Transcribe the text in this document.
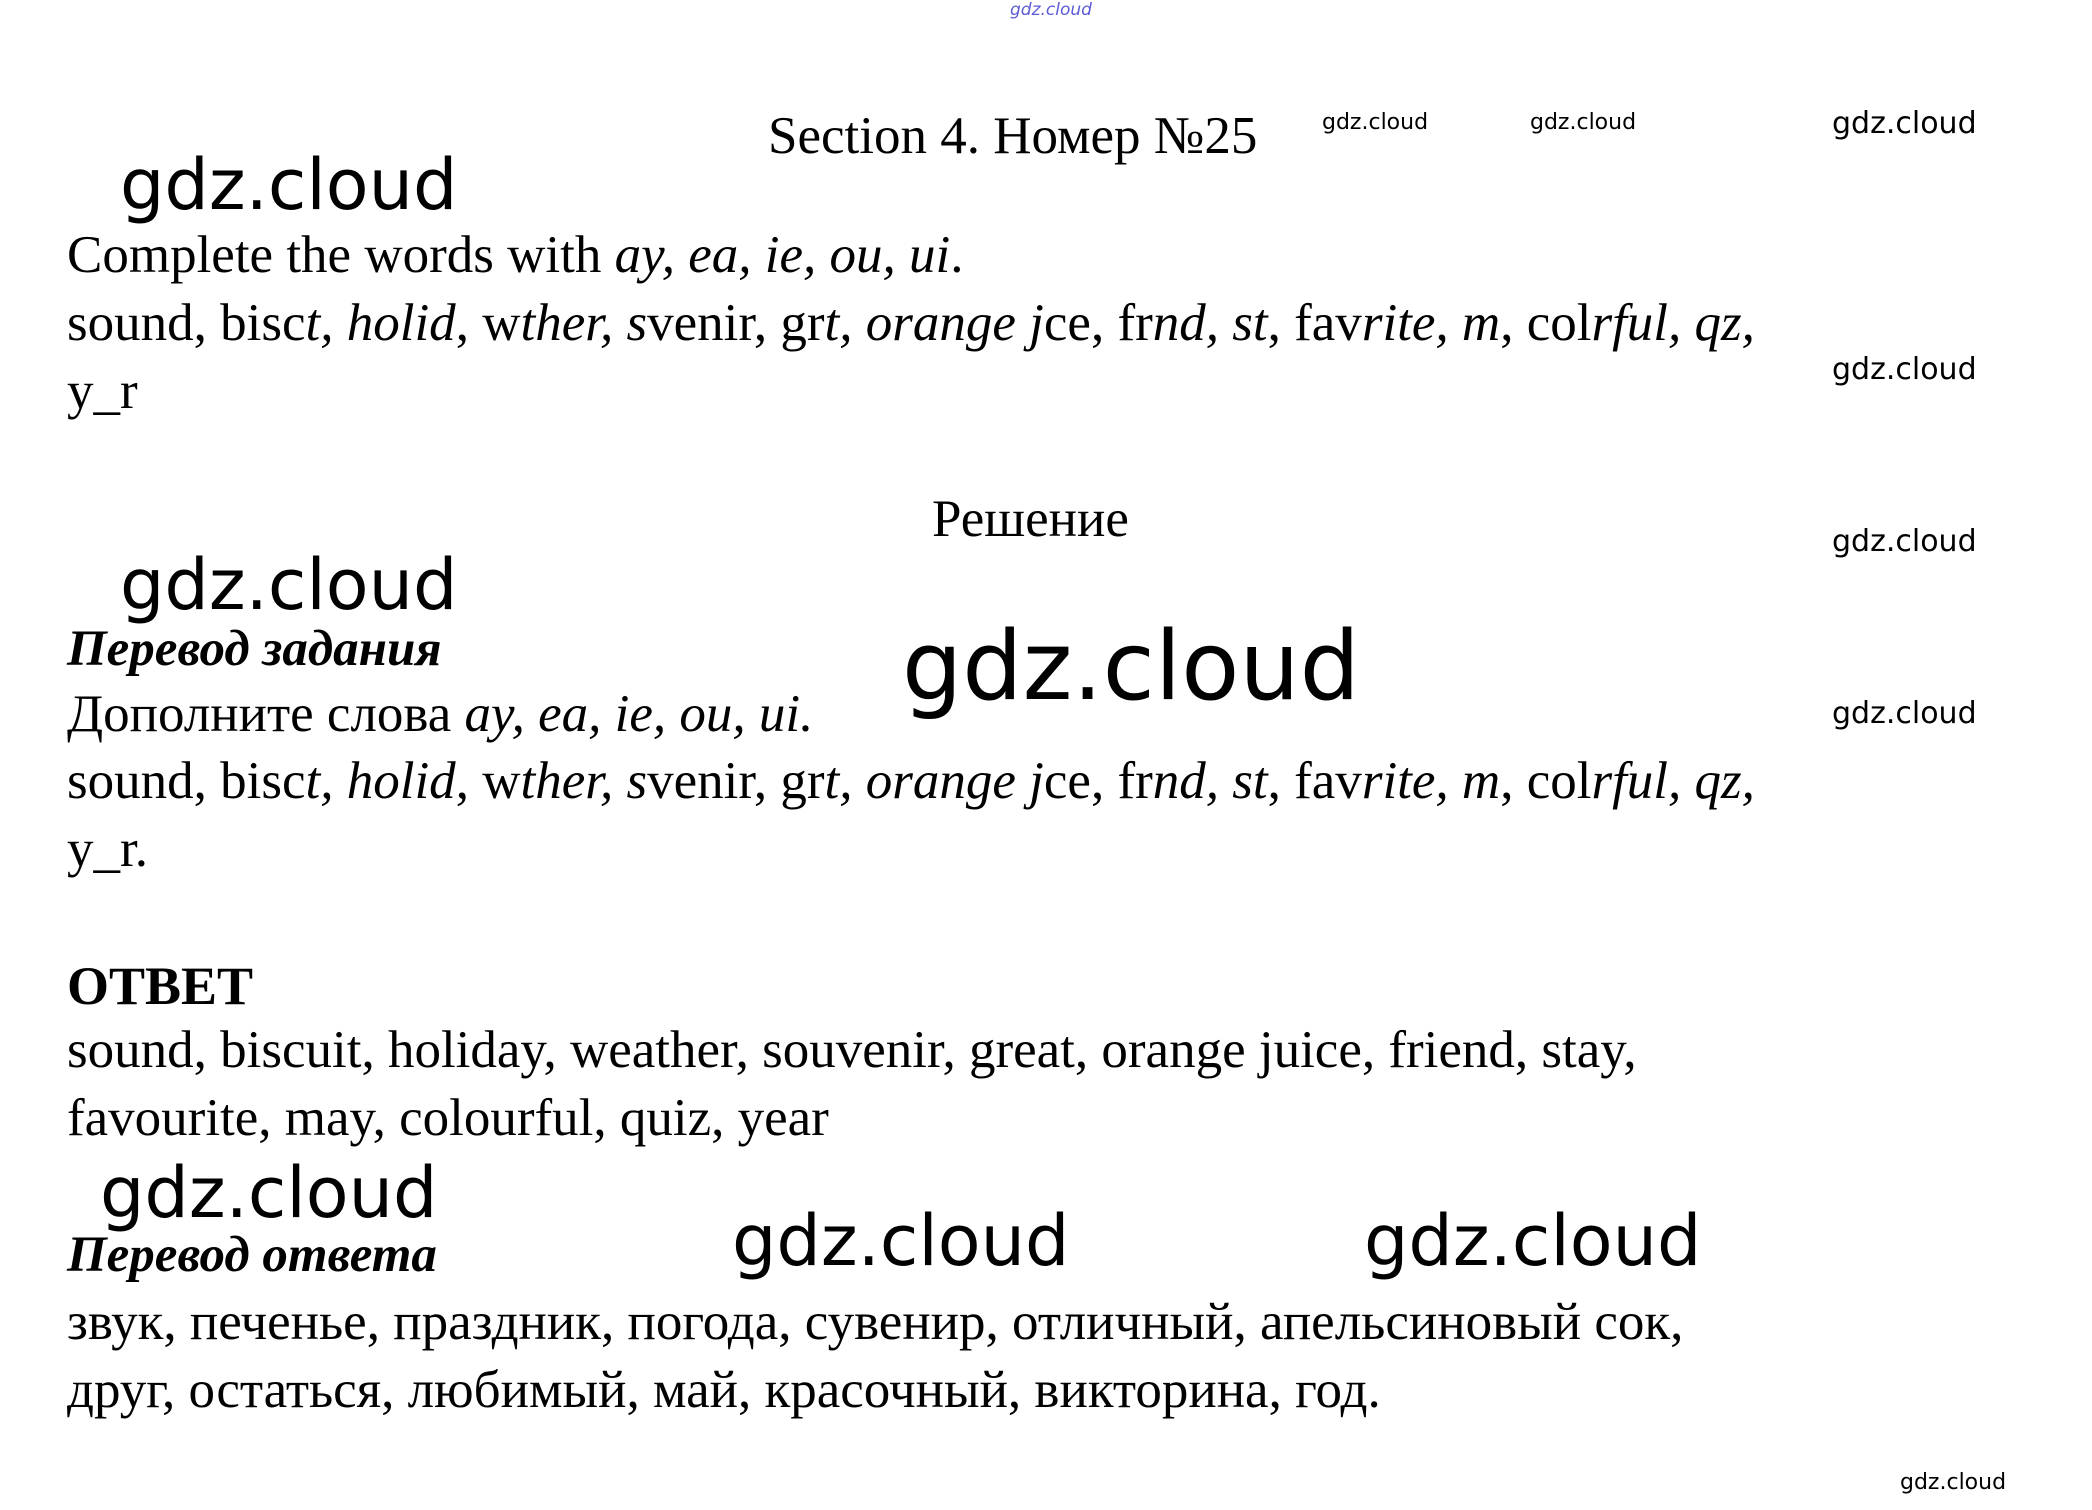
gdz.cloud
Section 4. Номер №25	gdz.cloud	gdz.cloud	gdz.cloud
gdz.cloud
Complete the words with ay, ea, ie, ou, ui.
sound, bisct, holid, wther, svenir, grt, orange jce, frnd, st, favrite, m, colrful, qz,
gdz.cloud
y_r
Решение	gdz.cloud
gdz.cloud
Перевод задания	gdz.cloud
Дополните слова ay, ea, ie, ou, ui.	gdz.cloud
sound, bisct, holid, wther, svenir, grt, orange jce, frnd, st, favrite, m, colrful, qz,
y_r.
ОТВЕТ
sound, biscuit, holiday, weather, souvenir, great, orange juice, friend, stay,
favourite, may, colourful, quiz, year
gdz.cloud
gdz.cloud	gdz.cloud
Перевод ответа
звук, печенье, праздник, погода, сувенир, отличный, апельсиновый сок,
друг, остаться, любимый, май, красочный, викторина, год.
gdz.cloud
